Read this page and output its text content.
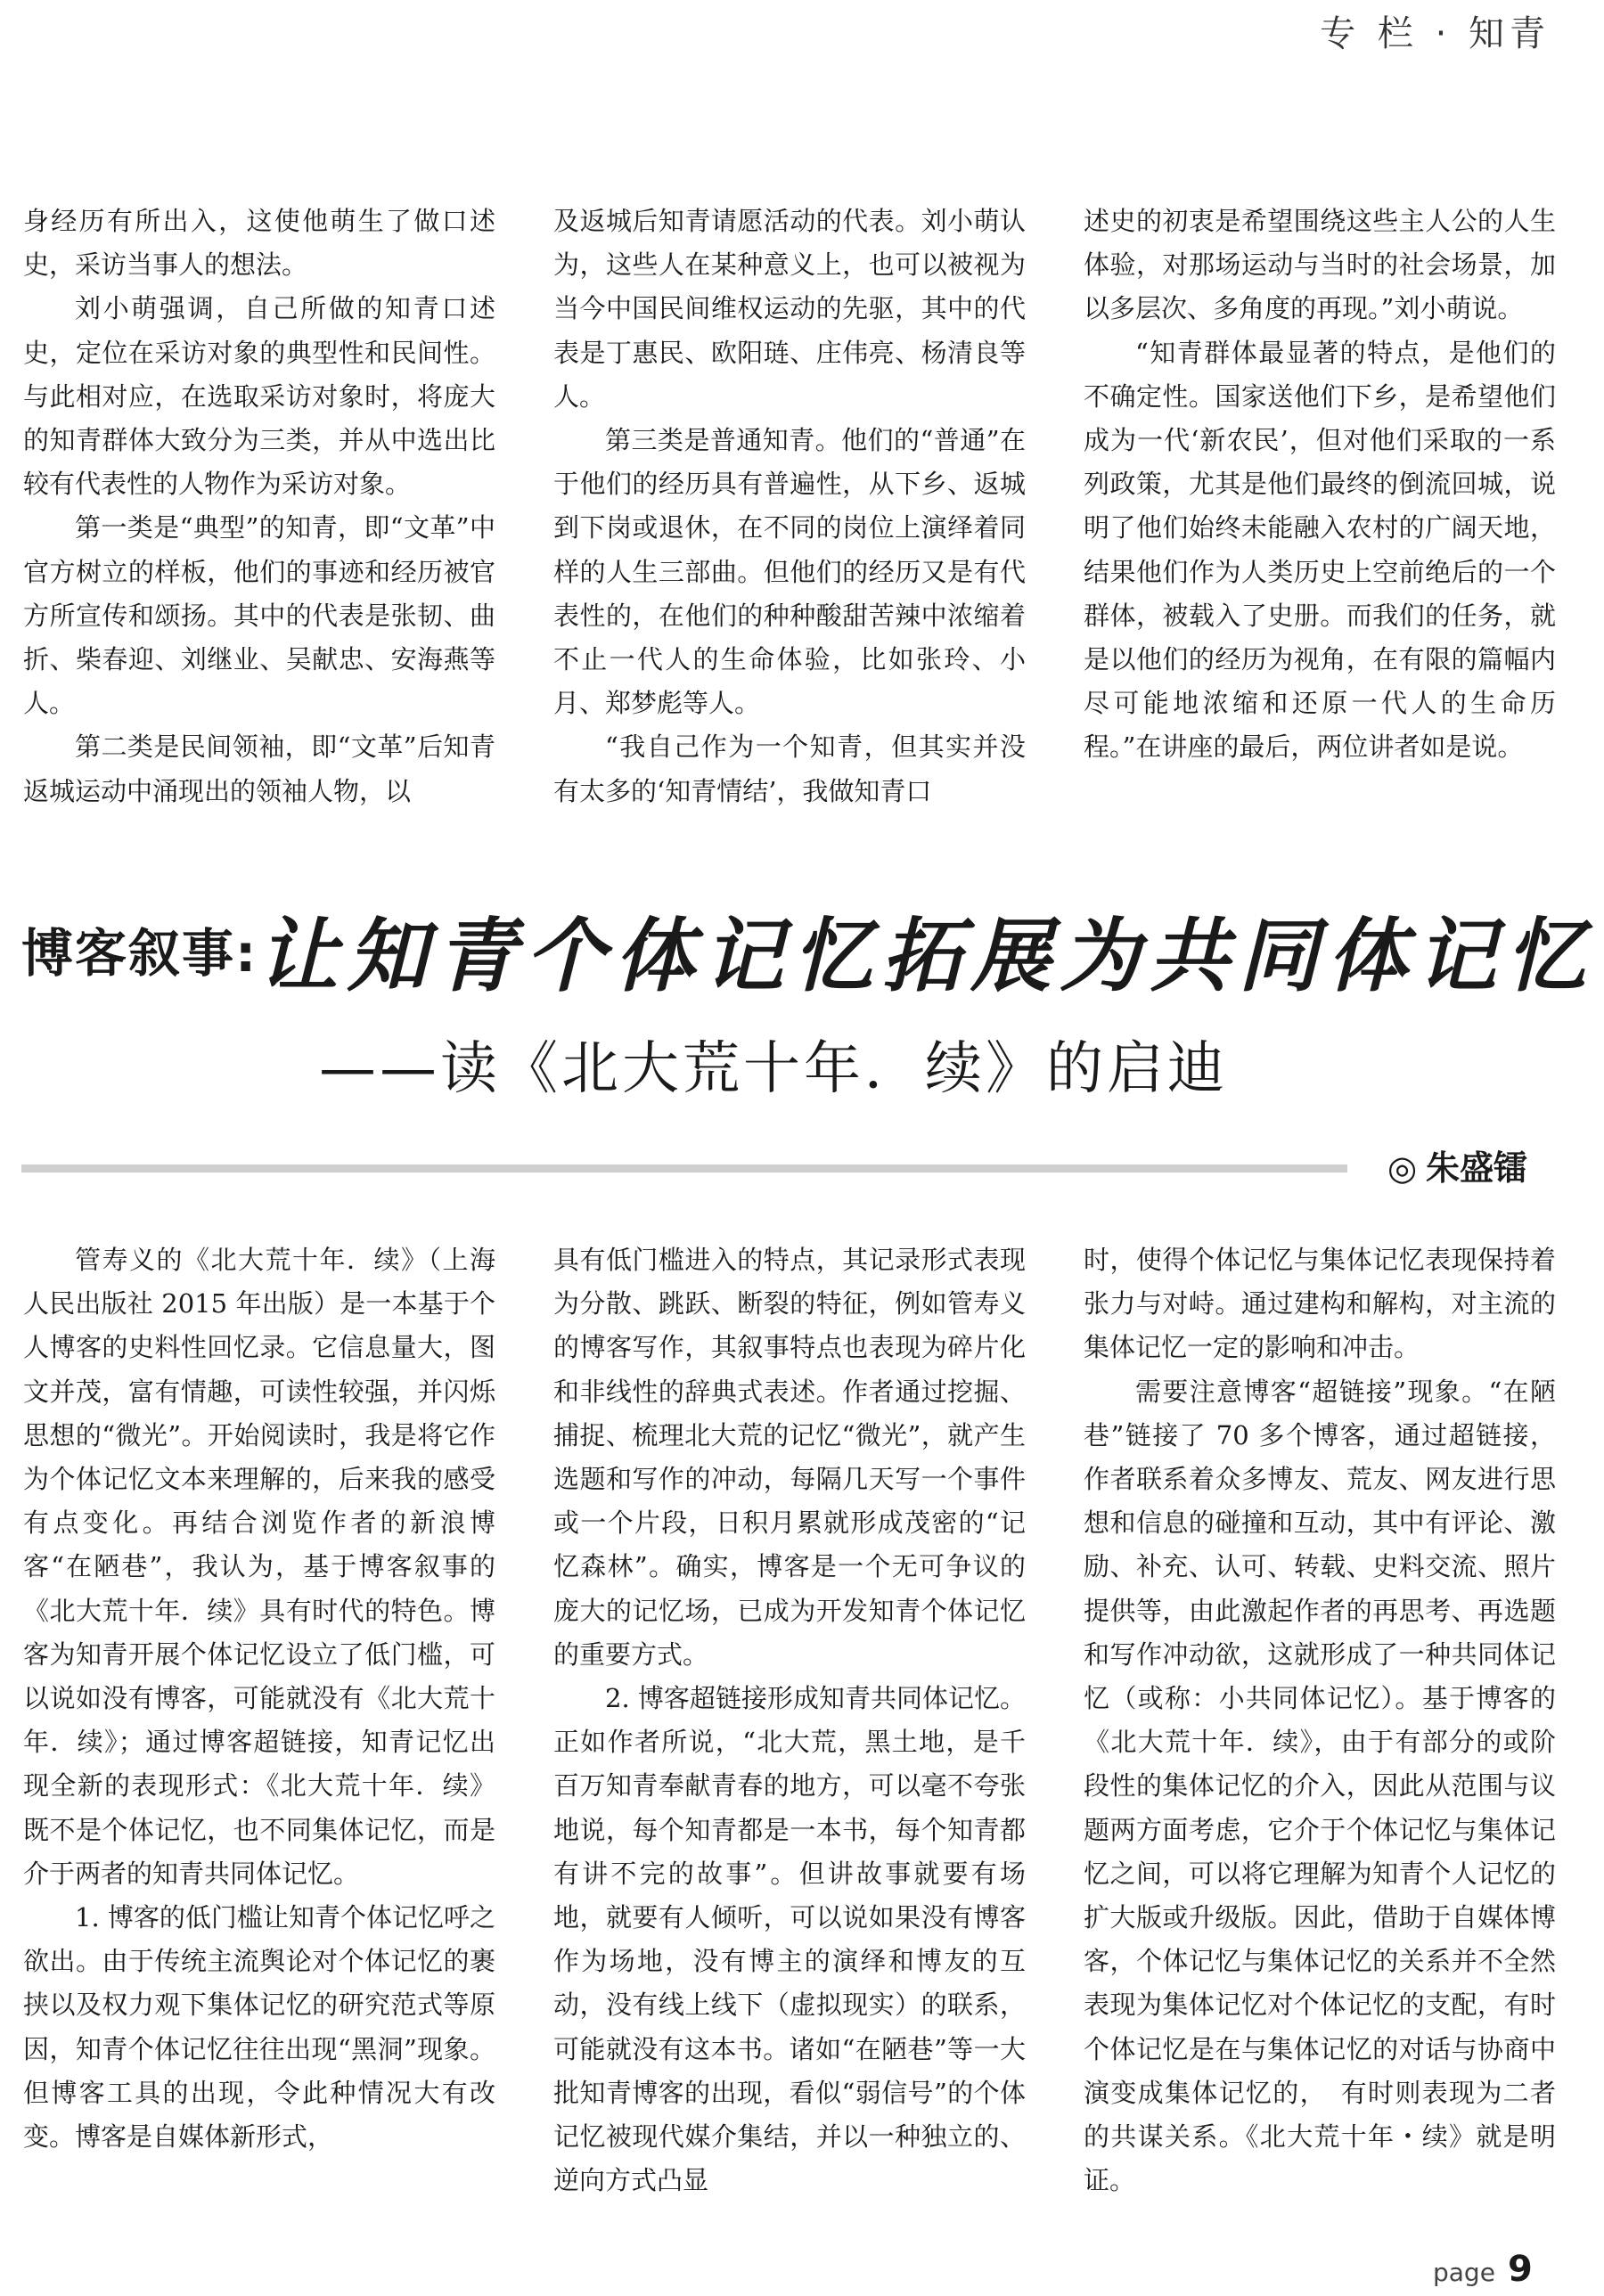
专 栏 · 知青

身经历有所出入，这使他萌生了做口述史，采访当事人的想法。

刘小萌强调，自己所做的知青口述史，定位在采访对象的典型性和民间性。与此相对应，在选取采访对象时，将庞大的知青群体大致分为三类，并从中选出比较有代表性的人物作为采访对象。

第一类是“典型”的知青，即“文革”中官方树立的样板，他们的事迹和经历被官方所宣传和颂扬。其中的代表是张韧、曲折、柴春迎、刘继业、吴献忠、安海燕等人。

第二类是民间领袖，即“文革”后知青返城运动中涌现出的领袖人物，以

及返城后知青请愿活动的代表。刘小萌认为，这些人在某种意义上，也可以被视为当今中国民间维权运动的先驱，其中的代表是丁惠民、欧阳琏、庄伟亮、杨清良等人。

第三类是普通知青。他们的“普通”在于他们的经历具有普遍性，从下乡、返城到下岗或退休，在不同的岗位上演绎着同样的人生三部曲。但他们的经历又是有代表性的，在他们的种种酸甜苦辣中浓缩着不止一代人的生命体验，比如张玲、小月、郑梦彪等人。

“我自己作为一个知青，但其实并没有太多的‘知青情结’，我做知青口

述史的初衷是希望围绕这些主人公的人生体验，对那场运动与当时的社会场景，加以多层次、多角度的再现。”刘小萌说。

“知青群体最显著的特点，是他们的不确定性。国家送他们下乡，是希望他们成为一代‘新农民’，但对他们采取的一系列政策，尤其是他们最终的倒流回城，说明了他们始终未能融入农村的广阔天地，结果他们作为人类历史上空前绝后的一个群体，被载入了史册。而我们的任务，就是以他们的经历为视角，在有限的篇幅内尽可能地浓缩和还原一代人的生命历程。”在讲座的最后，两位讲者如是说。

博客叙事:让知青个体记忆拓展为共同体记忆
——读《北大荒十年．续》的启迪
◎ 朱盛镭

管寿义的《北大荒十年．续》（上海人民出版社 2015 年出版）是一本基于个人博客的史料性回忆录。它信息量大，图文并茂，富有情趣，可读性较强，并闪烁思想的“微光”。开始阅读时，我是将它作为个体记忆文本来理解的，后来我的感受有点变化。再结合浏览作者的新浪博客“在陋巷”，我认为，基于博客叙事的《北大荒十年．续》具有时代的特色。博客为知青开展个体记忆设立了低门槛，可以说如没有博客，可能就没有《北大荒十年．续》；通过博客超链接，知青记忆出现全新的表现形式：《北大荒十年．续》既不是个体记忆，也不同集体记忆，而是介于两者的知青共同体记忆。

1. 博客的低门槛让知青个体记忆呼之欲出。由于传统主流舆论对个体记忆的裹挟以及权力观下集体记忆的研究范式等原因，知青个体记忆往往出现“黑洞”现象。但博客工具的出现，令此种情况大有改变。博客是自媒体新形式，

具有低门槛进入的特点，其记录形式表现为分散、跳跃、断裂的特征，例如管寿义的博客写作，其叙事特点也表现为碎片化和非线性的辞典式表述。作者通过挖掘、捕捉、梳理北大荒的记忆“微光”，就产生选题和写作的冲动，每隔几天写一个事件或一个片段，日积月累就形成茂密的“记忆森林”。确实，博客是一个无可争议的庞大的记忆场，已成为开发知青个体记忆的重要方式。

2. 博客超链接形成知青共同体记忆。正如作者所说，“北大荒，黑土地，是千百万知青奉献青春的地方，可以毫不夸张地说，每个知青都是一本书，每个知青都有讲不完的故事”。但讲故事就要有场地，就要有人倾听，可以说如果没有博客作为场地，没有博主的演绎和博友的互动，没有线上线下（虚拟现实）的联系，可能就没有这本书。诸如“在陋巷”等一大批知青博客的出现，看似“弱信号”的个体记忆被现代媒介集结，并以一种独立的、逆向方式凸显

时，使得个体记忆与集体记忆表现保持着张力与对峙。通过建构和解构，对主流的集体记忆一定的影响和冲击。

需要注意博客“超链接”现象。“在陋巷”链接了 70 多个博客，通过超链接，作者联系着众多博友、荒友、网友进行思想和信息的碰撞和互动，其中有评论、激励、补充、认可、转载、史料交流、照片提供等，由此激起作者的再思考、再选题和写作冲动欲，这就形成了一种共同体记忆（或称：小共同体记忆）。基于博客的《北大荒十年．续》，由于有部分的或阶段性的集体记忆的介入，因此从范围与议题两方面考虑，它介于个体记忆与集体记忆之间，可以将它理解为知青个人记忆的扩大版或升级版。因此，借助于自媒体博客，个体记忆与集体记忆的关系并不全然表现为集体记忆对个体记忆的支配，有时个体记忆是在与集体记忆的对话与协商中演变成集体记忆的，　有时则表现为二者的共谋关系。《北大荒十年・续》就是明证。

page 9
